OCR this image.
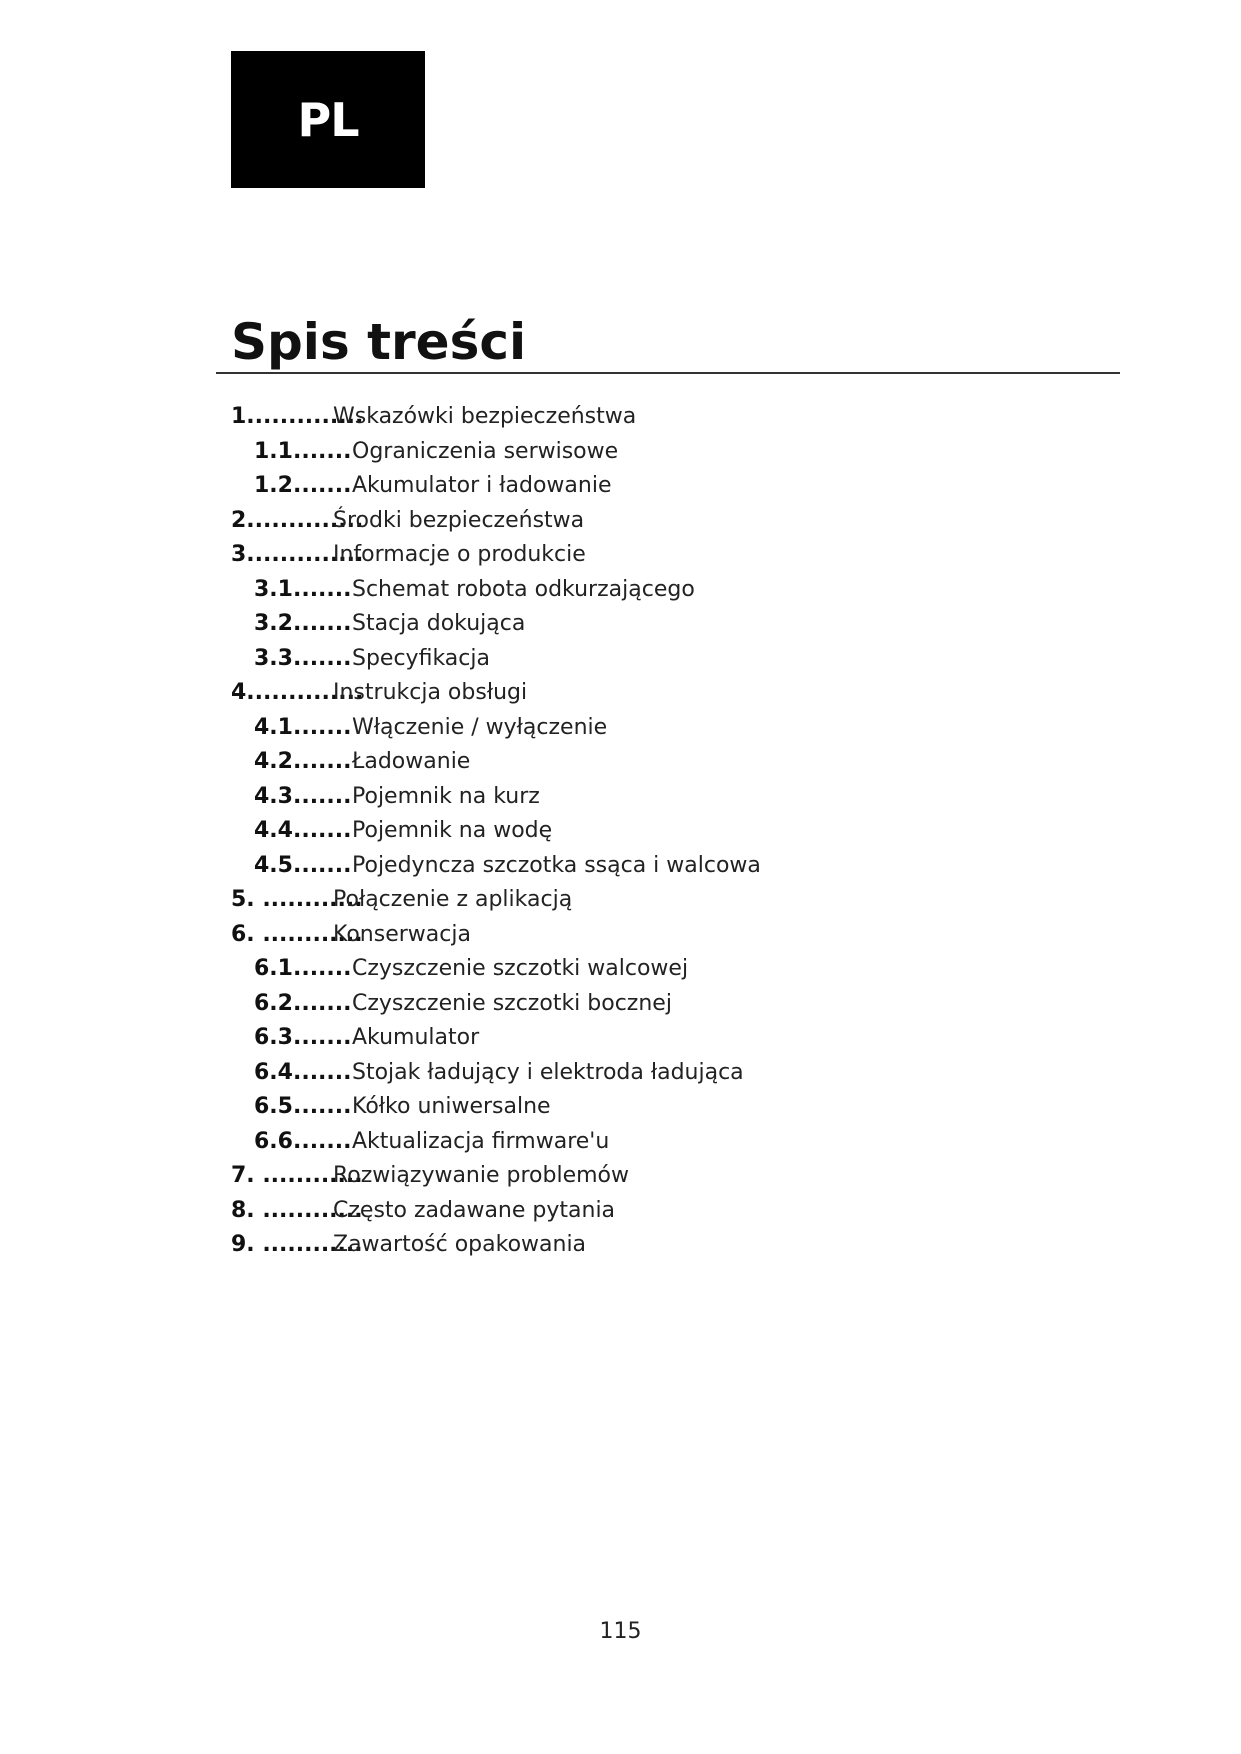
PL
Spis treści
1..............
Wskazówki bezpieczeństwa
1.1....... Ograniczenia serwisowe
1.2....... Akumulator i ładowanie
2..............
Środki bezpieczeństwa
3..............
Informacje o produkcie
3.1....... Schemat robota odkurzającego
3.2....... Stacja dokująca
3.3....... Specyfikacja
4..............
Instrukcja obsługi
4.1....... Włączenie / wyłączenie
4.2....... Ładowanie
4.3....... Pojemnik na kurz
4.4....... Pojemnik na wodę
4.5....... Pojedyncza szczotka ssąca i walcowa
5. ............
Połączenie z aplikacją
6. ............
Konserwacja
6.1....... Czyszczenie szczotki walcowej
6.2....... Czyszczenie szczotki bocznej
6.3....... Akumulator
6.4....... Stojak ładujący i elektroda ładująca
6.5....... Kółko uniwersalne
6.6....... Aktualizacja firmware'u
7. ............
Rozwiązywanie problemów
8. ............
Często zadawane pytania
9. ............
Zawartość opakowania
115
